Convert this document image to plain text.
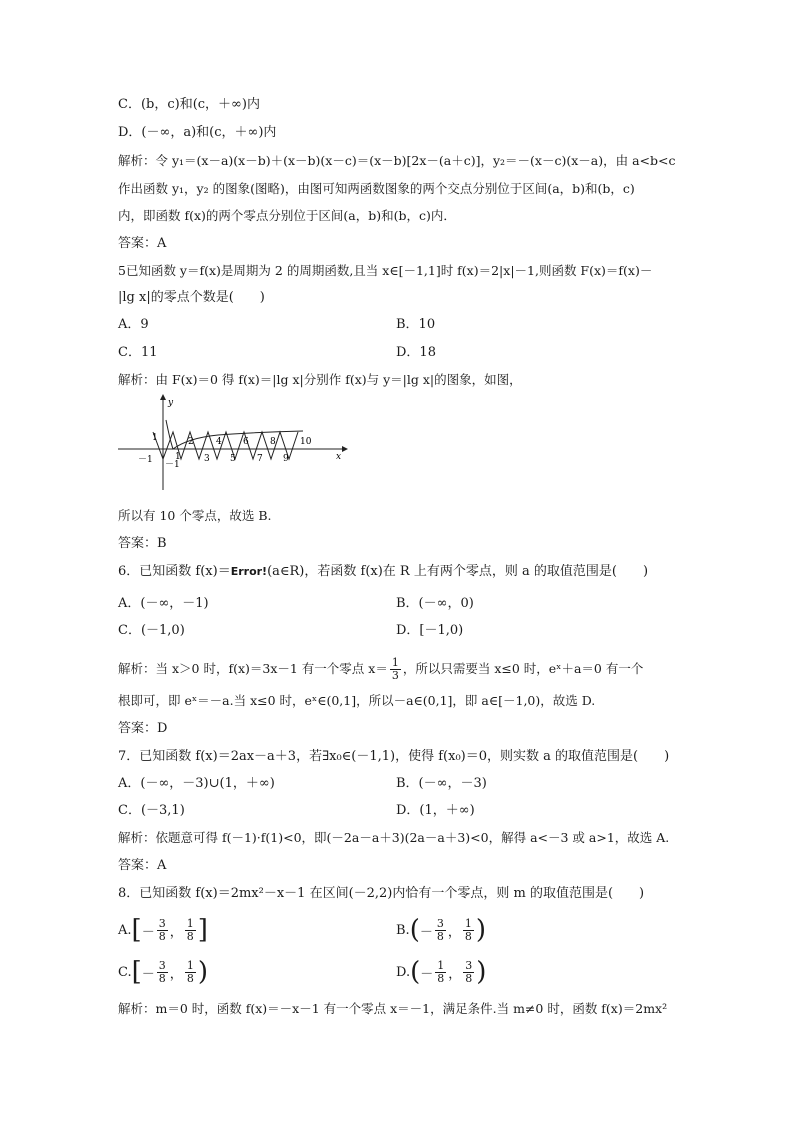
C．(b，c)和(c，＋∞)内
D．(－∞，a)和(c，＋∞)内
解析：令 y₁＝(x－a)(x－b)＋(x－b)(x－c)＝(x－b)[2x－(a＋c)]，y₂＝－(x－c)(x－a)，由 a<b<c
作出函数 y₁，y₂ 的图象(图略)，由图可知两函数图象的两个交点分别位于区间(a，b)和(b，c)
内，即函数 f(x)的两个零点分别位于区间(a，b)和(b，c)内．
答案：A
5已知函数 y＝f(x)是周期为 2 的周期函数,且当 x∈[－1,1]时 f(x)＝2|x|－1,则函数 F(x)＝f(x)－
|lg x|的零点个数是(　　)
A．9	B．10
C．11	D．18
解析：由 F(x)＝0 得 f(x)＝|lg x|分别作 f(x)与 y＝|lg x|的图象，如图，
y
x
1
－1 －1
1
2
3
4
5
6
7
8
9
10
所以有 10 个零点，故选 B.
答案：B
6．已知函数 f(x)＝Error!(a∈R)，若函数 f(x)在 R 上有两个零点，则 a 的取值范围是(　　)
A．(－∞，－1)	B．(－∞，0)
C．(－1,0)	D．[－1,0)
解析：当 x＞0 时，f(x)＝3x－1 有一个零点 $x= \frac{1}{3}$ ，所以只需要当 x≤0 时，eˣ＋a＝0 有一个
根即可，即 eˣ＝－a.当 x≤0 时，eˣ∈(0,1]，所以－a∈(0,1]，即 a∈[－1,0)，故选 D.
答案：D
7．已知函数 f(x)＝2ax－a＋3，若∃x₀∈(－1,1)，使得 f(x₀)＝0，则实数 a 的取值范围是(　　)
A．(－∞，－3)∪(1，＋∞)	B．(－∞，－3)
C．(－3,1)	D．(1，＋∞)
解析：依题意可得 f(－1)·f(1)<0，即(－2a－a＋3)(2a－a＋3)<0，解得 a<－3 或 a>1，故选 A.
答案：A
8．已知函数 f(x)＝2mx²－x－1 在区间(－2,2)内恰有一个零点，则 m 的取值范围是(　　)
A. [ － $\frac{3}{8}$ ， $\frac{1}{8}$ ]	B. ( － $\frac{3}{8}$ ， $\frac{1}{8}$ )
C. [ － $\frac{3}{8}$ ， $\frac{1}{8}$ )	D. ( － $\frac{1}{8}$ ， $\frac{3}{8}$ )
解析：m＝0 时，函数 f(x)＝－x－1 有一个零点 x＝－1，满足条件.当 m≠0 时，函数 f(x)＝2mx²
